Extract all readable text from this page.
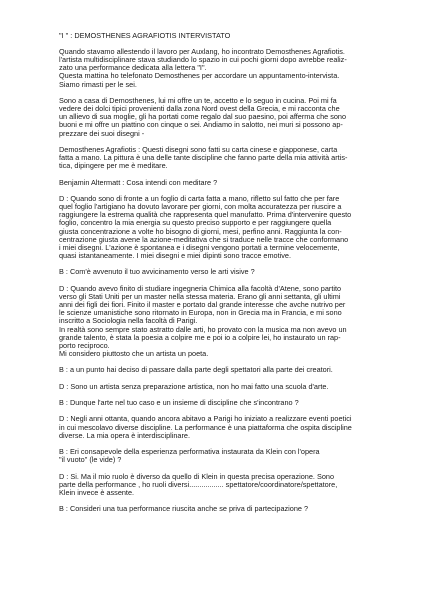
"I " : DEMOSTHENES AGRAFIOTIS INTERVISTATO
Quando stavamo allestendo il lavoro per Auxlang, ho incontrato Demosthenes Agrafiotis.
l'artista multidisciplinare stava studiando lo spazio in cui pochi giorni dopo avrebbe realiz-
zato una performance dedicata alla lettera "I".
Questa mattina ho telefonato Demosthenes per accordare un appuntamento-intervista.
Siamo rimasti per le sei.
Sono a casa di Demosthenes, lui mi offre un te, accetto e lo seguo in cucina. Poi mi fa
vedere dei dolci tipici provenienti dalla zona Nord ovest della Grecia, e mi racconta che
un allievo di sua moglie, gli ha portati come regalo dal suo paesino, poi afferma che sono
buoni e mi offre un piattino con cinque o sei. Andiamo in salotto, nei muri si possono ap-
prezzare dei suoi disegni -
Demosthenes Agrafiotis : Questi disegni sono fatti su carta cinese e giapponese, carta
fatta a mano. La pittura è una delle tante discipline che fanno parte della mia attività artis-
tica, dipingere per me è meditare.
Benjamin Altermatt : Cosa intendi con meditare ?
D : Quando sono di fronte a un foglio di carta fatta a mano, rifletto sul fatto che per fare
quel foglio l'artigiano ha dovuto lavorare per giorni, con molta accuratezza per riuscire a
raggiungere la estrema qualità che rappresenta quel manufatto. Prima d'intervenire questo
foglio, concentro la mia energia su questo preciso supporto e per raggiungere quella
giusta concentrazione a volte ho bisogno di giorni, mesi, perfino anni. Raggiunta la con-
centrazione giusta avene la azione-meditativa che si traduce nelle tracce che conformano
i miei disegni. L'azione è spontanea e i disegni vengono portati a termine velocemente,
quasi istantaneamente. I miei disegni e miei dipinti sono tracce emotive.
B : Com'è avvenuto il tuo avvicinamento verso le arti visive ?
D : Quando avevo finito di studiare ingegneria Chimica alla facoltà d'Atene, sono partito
verso gli Stati Uniti per un master nella stessa materia. Erano gli anni settanta, gli ultimi
anni dei figli dei fiori. Finito il master e portato dal grande interesse che avche nutrivo per
le scienze umanistiche sono ritornato in Europa, non in Grecia ma in Francia, e mi sono
inscritto a Sociologia nella facoltà di Parigi.
In realtà sono sempre stato astratto dalle arti, ho provato con la musica ma non avevo un
grande talento, è stata la poesia a colpire me e poi io a colpire lei, ho instaurato un rap-
porto reciproco.
Mi considero piuttosto che un artista un poeta.
B : a un punto hai deciso di passare dalla parte degli spettatori alla parte dei creatori.
D : Sono un artista senza preparazione artistica, non ho mai fatto una scuola d'arte.
B : Dunque l'arte nel tuo caso e un insieme di discipline che s'incontrano ?
D : Negli anni ottanta, quando ancora abitavo a Parigi ho iniziato a realizzare eventi poetici
in cui mescolavo diverse discipline. La performance è una piattaforma che ospita discipline
diverse. La mia opera è interdisciplinare.
B : Eri consapevole della esperienza performativa instaurata da Klein con l'opera
"il vuoto" (le vide) ?
D : Si. Ma il mio ruolo è diverso da quello di Klein in questa precisa operazione. Sono
parte della performance , ho ruoli diversi................. spettatore/coordinatore/spettatore,
Klein invece è assente.
B : Consideri una tua performance riuscita anche se priva di partecipazione ?
